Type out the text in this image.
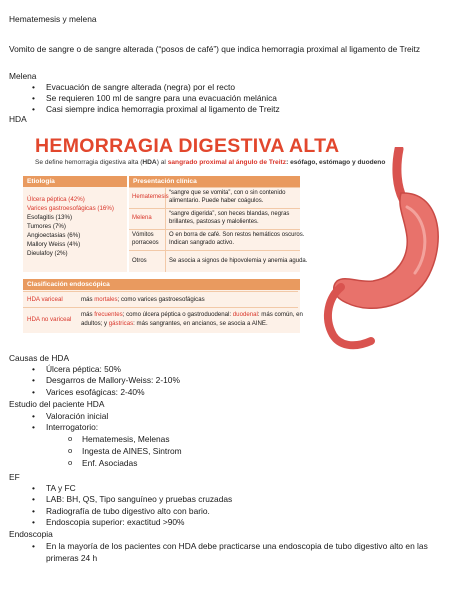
Hematemesis y melena
Vomito de sangre o de sangre alterada (“posos de café”) que indica hemorragia proximal al ligamento de Treitz
Melena
• Evacuación de sangre alterada (negra) por el recto
• Se requieren 100 ml de sangre para una evacuación melánica
• Casi siempre indica hemorragia proximal al ligamento de Treitz
HDA
HEMORRAGIA DIGESTIVA ALTA
Se define hemorragia digestiva alta (HDA) al sangrado proximal al ángulo de Treitz: esófago, estómago y duodeno
Etiología
Úlcera péptica (42%)
Varices gastroesofágicas (16%)
Esofagitis (13%)
Tumores (7%)
Angioectasias (6%)
Mallory Weiss (4%)
Dieulafoy (2%)
Presentación clínica
Hematemesis
“sangre que se vomita”, con o sin contenido
alimentario. Puede haber coágulos.
Melena
“sangre digerida”, son heces blandas, negras
brillantes, pastosas y malolientes.
Vómitos
porraceos
O en borra de café. Son restos hemáticos oscuros.
Indican sangrado activo.
Otros	Se asocia a signos de hipovolemia y anemia aguda.
Clasificación endoscópica
HDA variceal	más mortales; como varices gastroesofágicas
HDA no variceal
más frecuentes; como úlcera péptica o gastroduodenal: duodenal: más común, en
adultos; y gástricas: más sangrantes, en ancianos, se asocia a AINE.
Causas de HDA
• Úlcera péptica: 50%
• Desgarros de Mallory-Weiss: 2-10%
• Varices esofágicas: 2-40%
Estudio del paciente HDA
• Valoración inicial
• Interrogatorio:
o Hematemesis, Melenas
o Ingesta de AINES, Sintrom
o Enf. Asociadas
EF
• TA y FC
• LAB: BH, QS, Tipo sanguíneo y pruebas cruzadas
• Radiografía de tubo digestivo alto con bario.
• Endoscopia superior: exactitud >90%
Endoscopia
• En la mayoría de los pacientes con HDA debe practicarse una endoscopia de tubo digestivo alto en las
primeras 24 h
